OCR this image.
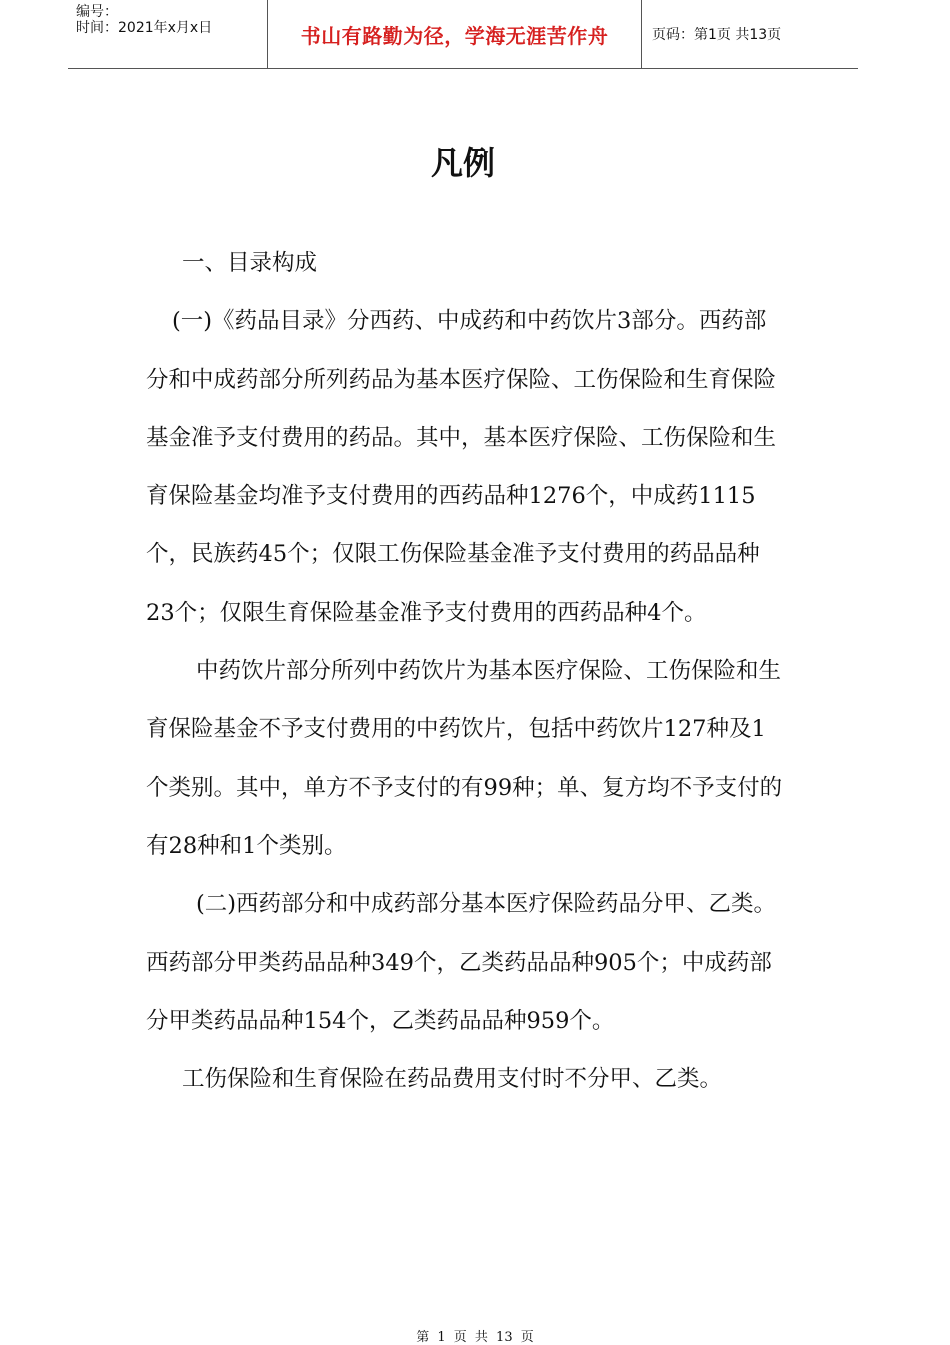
编号：
时间：2021年x月x日	书山有路勤为径，学海无涯苦作舟	页码：第1页 共13页
凡例

一、目录构成

(一)《药品目录》分西药、中成药和中药饮片3部分。西药部分和中成药部分所列药品为基本医疗保险、工伤保险和生育保险基金准予支付费用的药品。其中，基本医疗保险、工伤保险和生育保险基金均准予支付费用的西药品种1276个，中成药1115个，民族药45个；仅限工伤保险基金准予支付费用的药品品种23个；仅限生育保险基金准予支付费用的西药品种4个。

中药饮片部分所列中药饮片为基本医疗保险、工伤保险和生育保险基金不予支付费用的中药饮片，包括中药饮片127种及1个类别。其中，单方不予支付的有99种；单、复方均不予支付的有28种和1个类别。

(二)西药部分和中成药部分基本医疗保险药品分甲、乙类。西药部分甲类药品品种349个，乙类药品品种905个；中成药部分甲类药品品种154个，乙类药品品种959个。

工伤保险和生育保险在药品费用支付时不分甲、乙类。

第 1 页 共 13 页
